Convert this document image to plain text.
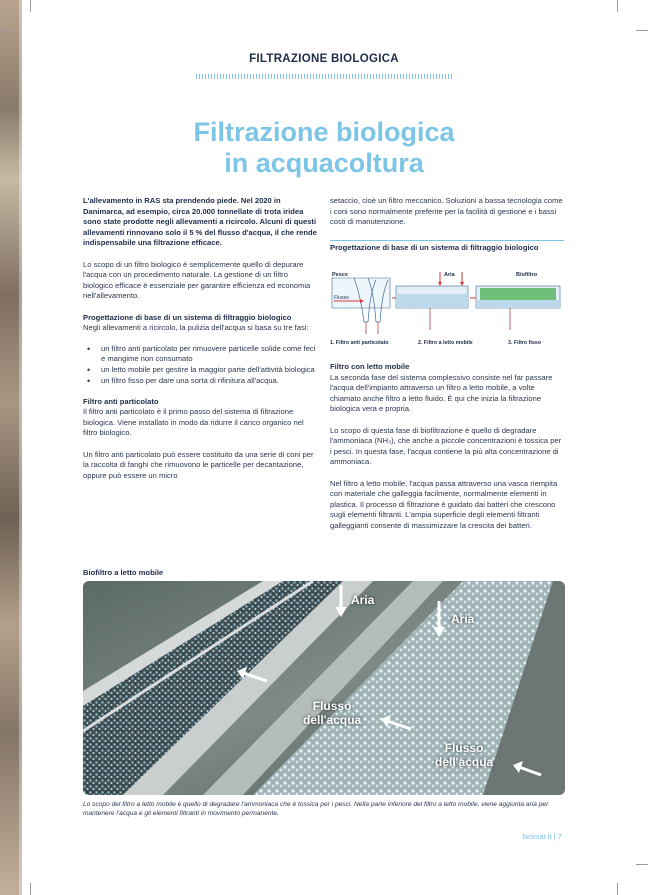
FILTRAZIONE BIOLOGICA
Filtrazione biologica
in acquacoltura

L'allevamento in RAS sta prendendo piede. Nel 2020 in Danimarca, ad esempio, circa 20.000 tonnellate di trota iridea sono state prodotte negli allevamenti a ricircolo. Alcuni di questi allevamenti rinnovano solo il 5 % del flusso d'acqua, il che rende indispensabile una filtrazione efficace.

Lo scopo di un filtro biologico è semplicemente quello di depurare l'acqua con un procedimento naturale. La gestione di un filtro biologico efficace è essenziale per garantire efficienza ed economia nell'allevamento.

Progettazione di base di un sistema di filtraggio biologico

Negli allevamenti a ricircolo, la pulizia dell'acqua si basa su tre fasi:

• un filtro anti particolato per rimuovere particelle solide come feci e mangime non consumato
• un letto mobile per gestire la maggior parte dell'attività biologica
• un filtro fisso per dare una sorta di rifinitura all'acqua.
Filtro anti particolato

Il filtro anti particolato è il primo passo del sistema di filtrazione biologica. Viene installato in modo da ridurre il carico organico nel filtro biologico.

Un filtro anti particolato può essere costituito da una serie di coni per la raccolta di fanghi che rimuovono le particelle per decantazione, oppure può essere un micro

setaccio, cioè un filtro meccanico. Soluzioni a bassa tecnologia come i coni sono normalmente preferite per la facilità di gestione e i bassi costi di manutenzione.

Progettazione di base di un sistema di filtraggio biologico
Pesce	Aria	Biofiltro
Flusso
1. Filtro anti particolato	2. Filtro a letto mobile	3. Filtro fisso
Filtro con letto mobile

La seconda fase del sistema complessivo consiste nel far passare l'acqua dell'impianto attraverso un filtro a letto mobile, a volte chiamato anche filtro a letto fluido. È qui che inizia la filtrazione biologica vera e propria.

Lo scopo di questa fase di biofiltrazione è quello di degradare l'ammoniaca (NH₃), che anche a piccole concentrazioni è tossica per i pesci. In questa fase, l'acqua contiene la più alta concentrazione di ammoniaca.

Nel filtro a letto mobile, l'acqua passa attraverso una vasca riempita con materiale che galleggia facilmente, normalmente elementi in plastica. Il processo di filtrazione è guidato dai batteri che crescono sugli elementi filtranti. L'ampia superficie degli elementi filtranti galleggianti consente di massimizzare la crescita dei batteri.

Biofiltro a letto mobile
Aria
Aria
Flusso
dell'acqua
Flusso
dell'acqua
Lo scopo del filtro a letto mobile è quello di degradare l'ammoniaca che è tossica per i pesci. Nella parte inferiore del filtro a letto mobile, viene aggiunta aria per mantenere l'acqua e gli elementi filtranti in movimento permanente.
biomar.it | 7
